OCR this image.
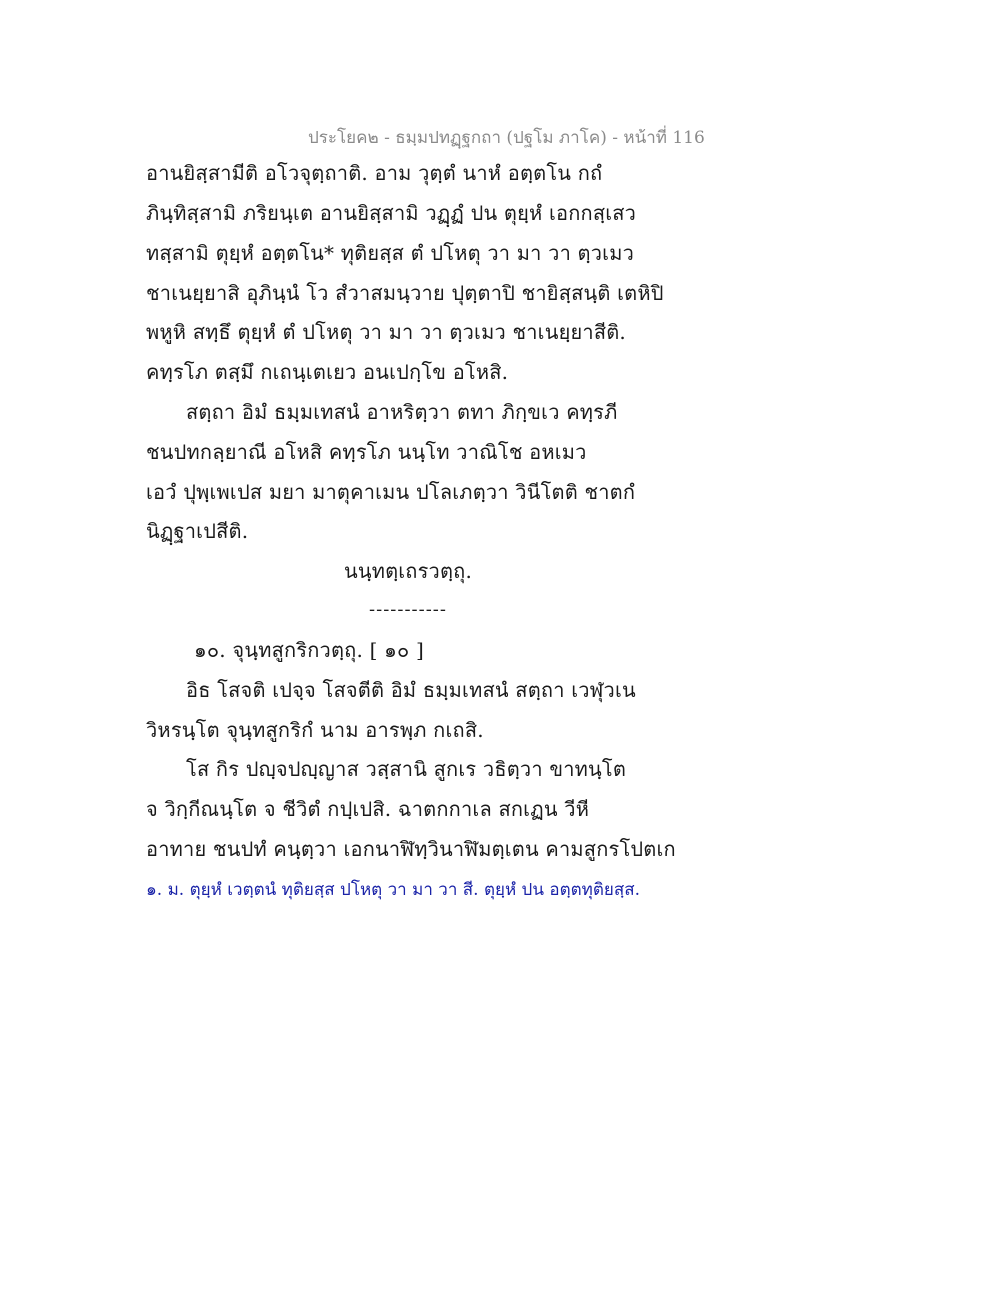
ประโยค๒ - ธมฺมปทฏฺฐกถา (ปฐโม ภาโค) - หน้าที่ 116
อานยิสฺสามีติ อโวจุตฺถาติ. อาม วุตฺตํ นาหํ อตฺตโน กถํ
ภินฺทิสฺสามิ ภริยนฺเต อานยิสฺสามิ วฏฺฏํ ปน ตุยฺหํ เอกกสฺเสว
ทสฺสามิ ตุยฺหํ อตฺตโน* ทุติยสฺส ตํ ปโหตุ วา มา วา ตฺวเมว
ชาเนยฺยาสิ อุภินฺนํ โว สํวาสมนฺวาย ปุตฺตาปิ ชายิสฺสนฺติ เตหิปิ
พหูหิ สทฺธึ ตุยฺหํ ตํ ปโหตุ วา มา วา ตฺวเมว ชาเนยฺยาสีติ.
คทฺรโภ ตสฺมึ กเถนฺเตเยว อนเปกฺโข อโหสิ.
สตฺถา อิมํ ธมฺมเทสนํ อาหริตฺวา ตทา ภิกฺขเว คทฺรภี
ชนปทกลฺยาณี อโหสิ คทฺรโภ นนฺโท วาณิโช อหเมว
เอวํ ปุพฺเพเปส มยา มาตุคาเมน ปโลเภตฺวา วินีโตติ ชาตกํ
นิฏฺฐาเปสีติ.
นนฺทตฺเถรวตฺถุ.
-----------
๑๐. จุนฺทสูกริกวตฺถุ. [ ๑๐ ]
อิธ โสจติ เปจฺจ โสจตีติ อิมํ ธมฺมเทสนํ สตฺถา เวฬุวเน
วิหรนฺโต จุนฺทสูกริกํ นาม อารพฺภ กเถสิ.
โส กิร ปญฺจปญฺญาส วสฺสานิ สูกเร วธิตฺวา ขาทนฺโต
จ วิกฺกีณนฺโต จ ชีวิตํ กปฺเปสิ. ฉาตกกาเล สกเฏน วีหี
อาทาย ชนปทํ คนฺตฺวา เอกนาฬิทฺวินาฬิมตฺเตน คามสูกรโปตเก
๑. ม. ตุยฺหํ เวตฺตนํ ทุติยสฺส ปโหตุ วา มา วา สี. ตุยฺหํ ปน อตฺตทุติยสฺส.
